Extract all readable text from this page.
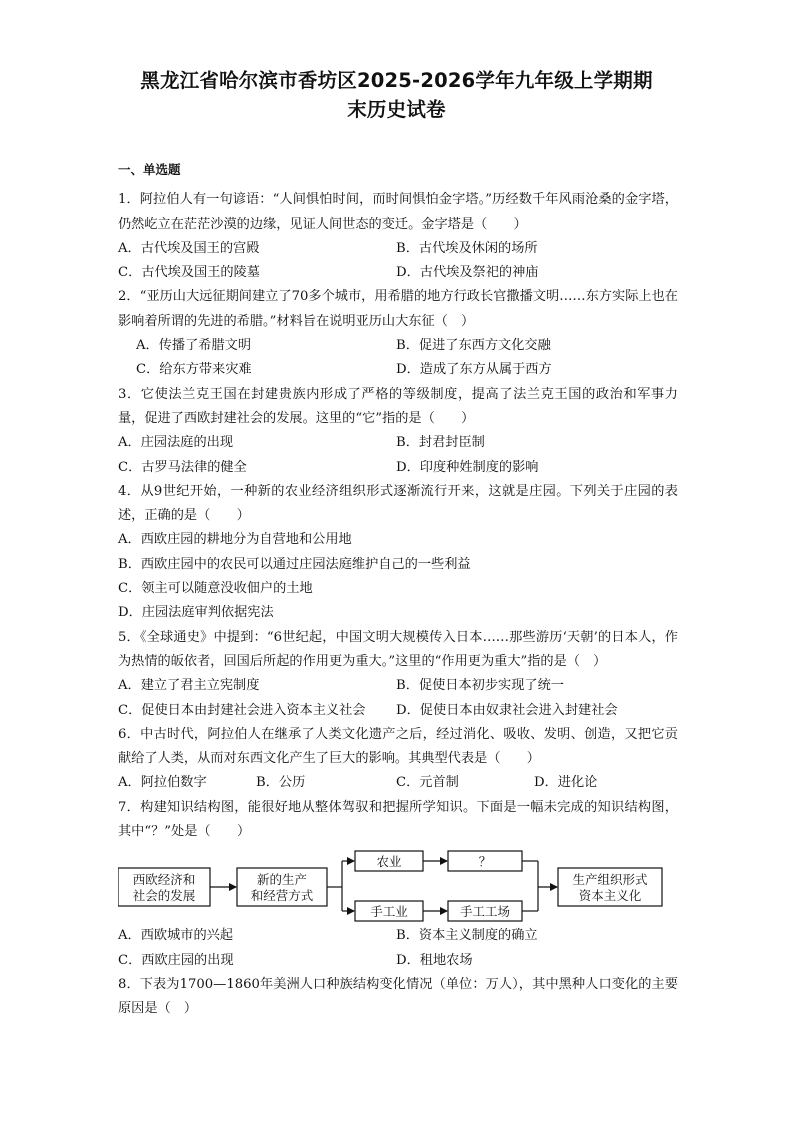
黑龙江省哈尔滨市香坊区2025-2026学年九年级上学期期
末历史试卷
一、单选题
1．阿拉伯人有一句谚语：“人间惧怕时间，而时间惧怕金字塔。”历经数千年风雨沧桑的金字塔，仍然屹立在茫茫沙漠的边缘，见证人间世态的变迁。金字塔是（　　）
A．古代埃及国王的宫殿	B．古代埃及休闲的场所
C．古代埃及国王的陵墓	D．古代埃及祭祀的神庙
2．“亚历山大远征期间建立了70多个城市，用希腊的地方行政长官撒播文明……东方实际上也在影响着所谓的先进的希腊。”材料旨在说明亚历山大东征（　）
A．传播了希腊文明	B．促进了东西方文化交融
C．给东方带来灾难	D．造成了东方从属于西方
3．它使法兰克王国在封建贵族内形成了严格的等级制度，提高了法兰克王国的政治和军事力量，促进了西欧封建社会的发展。这里的“它”指的是（　　）
A．庄园法庭的出现	B．封君封臣制
C．古罗马法律的健全	D．印度种姓制度的影响
4．从9世纪开始，一种新的农业经济组织形式逐渐流行开来，这就是庄园。下列关于庄园的表述，正确的是（　　）
A．西欧庄园的耕地分为自营地和公用地
B．西欧庄园中的农民可以通过庄园法庭维护自己的一些利益
C．领主可以随意没收佃户的土地
D．庄园法庭审判依据宪法
5．《全球通史》中提到：“6世纪起，中国文明大规模传入日本……那些游历‘天朝’的日本人，作为热情的皈依者，回国后所起的作用更为重大。”这里的“作用更为重大”指的是（　）
A．建立了君主立宪制度	B．促使日本初步实现了统一
C．促使日本由封建社会进入资本主义社会	D．促使日本由奴隶社会进入封建社会
6．中古时代，阿拉伯人在继承了人类文化遗产之后，经过消化、吸收、发明、创造，又把它贡献给了人类，从而对东西文化产生了巨大的影响。其典型代表是（　　）
A．阿拉伯数字	B．公历	C．元首制	D．进化论
7．构建知识结构图，能很好地从整体驾驭和把握所学知识。下面是一幅未完成的知识结构图，其中“？”处是（　　）
西欧经济和
社会的发展
新的生产
和经营方式
农业	？
手工业	手工工场
生产组织形式
资本主义化
A．西欧城市的兴起	B．资本主义制度的确立
C．西欧庄园的出现	D．租地农场
8．下表为1700—1860年美洲人口种族结构变化情况（单位：万人），其中黑种人口变化的主要原因是（　）
